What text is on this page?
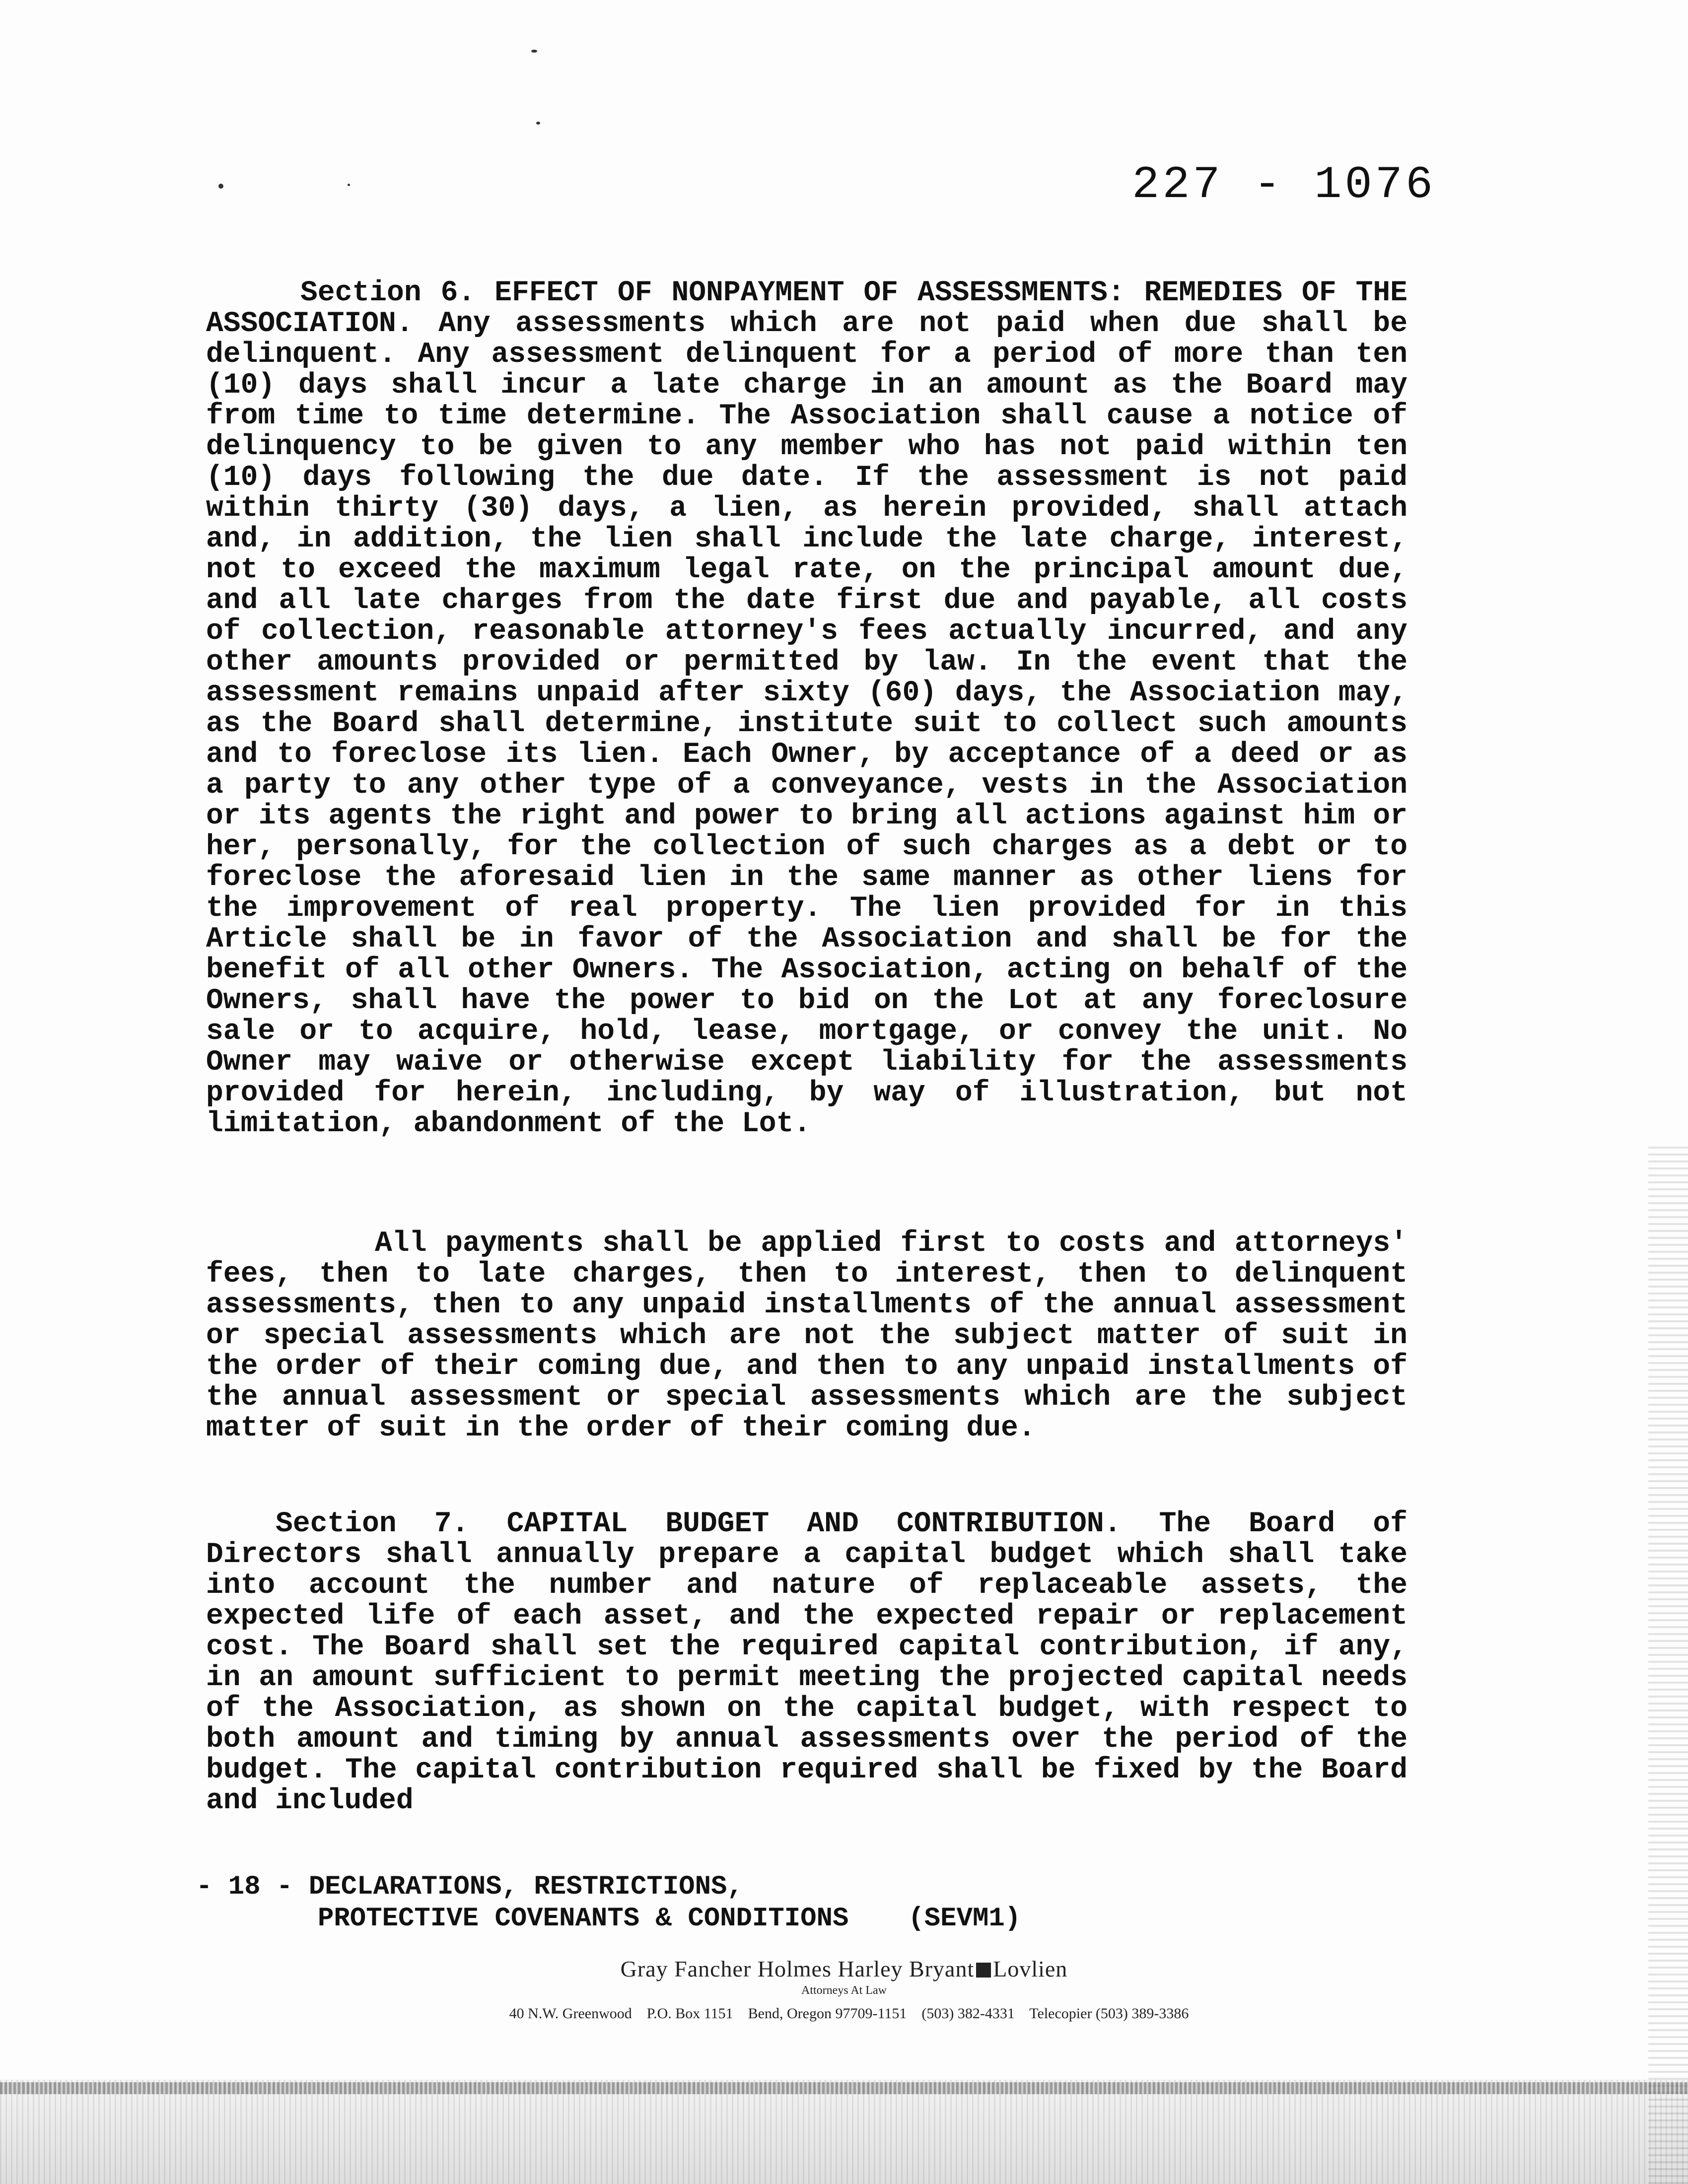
227 - 1076

Section 6. EFFECT OF NONPAYMENT OF ASSESSMENTS: REMEDIES OF THE ASSOCIATION. Any assessments which are not paid when due shall be delinquent. Any assessment delinquent for a period of more than ten (10) days shall incur a late charge in an amount as the Board may from time to time determine. The Association shall cause a notice of delinquency to be given to any member who has not paid within ten (10) days following the due date. If the assessment is not paid within thirty (30) days, a lien, as herein provided, shall attach and, in addition, the lien shall include the late charge, interest, not to exceed the maximum legal rate, on the principal amount due, and all late charges from the date first due and payable, all costs of collection, reasonable attorney's fees actually incurred, and any other amounts provided or permitted by law. In the event that the assessment remains unpaid after sixty (60) days, the Association may, as the Board shall determine, institute suit to collect such amounts and to foreclose its lien. Each Owner, by acceptance of a deed or as a party to any other type of a conveyance, vests in the Association or its agents the right and power to bring all actions against him or her, personally, for the collection of such charges as a debt or to foreclose the aforesaid lien in the same manner as other liens for the improvement of real property. The lien provided for in this Article shall be in favor of the Association and shall be for the benefit of all other Owners. The Association, acting on behalf of the Owners, shall have the power to bid on the Lot at any foreclosure sale or to acquire, hold, lease, mortgage, or convey the unit. No Owner may waive or otherwise except liability for the assessments provided for herein, including, by way of illustration, but not limitation, abandonment of the Lot.

All payments shall be applied first to costs and attorneys' fees, then to late charges, then to interest, then to delinquent assessments, then to any unpaid installments of the annual assessment or special assessments which are not the subject matter of suit in the order of their coming due, and then to any unpaid installments of the annual assessment or special assessments which are the subject matter of suit in the order of their coming due.

Section 7. CAPITAL BUDGET AND CONTRIBUTION. The Board of Directors shall annually prepare a capital budget which shall take into account the number and nature of replaceable assets, the expected life of each asset, and the expected repair or replacement cost. The Board shall set the required capital contribution, if any, in an amount sufficient to permit meeting the projected capital needs of the Association, as shown on the capital budget, with respect to both amount and timing by annual assessments over the period of the budget. The capital contribution required shall be fixed by the Board and included

- 18 - DECLARATIONS, RESTRICTIONS,
PROTECTIVE COVENANTS & CONDITIONS (SEVM1)
Gray Fancher Holmes Harley Bryant Lovlien
Attorneys At Law
40 N.W. Greenwood    P.O. Box 1151    Bend, Oregon 97709-1151    (503) 382-4331    Telecopier (503) 389-3386
